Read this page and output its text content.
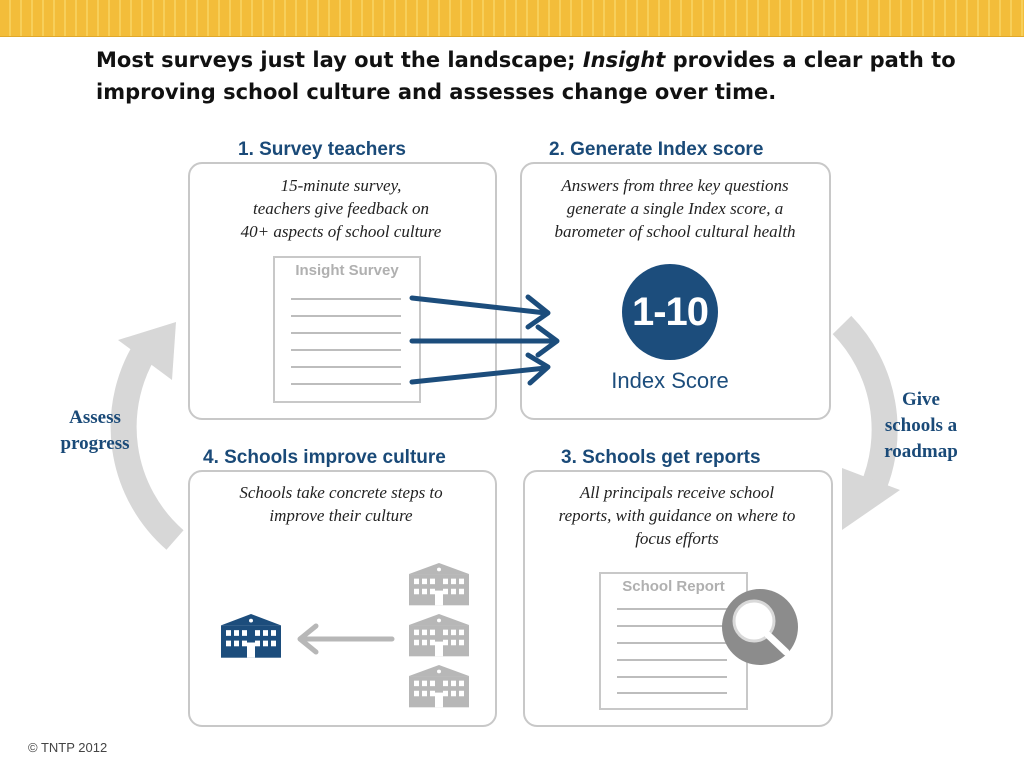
Most surveys just lay out the landscape; Insight provides a clear path to improving school culture and assesses change over time.
1. Survey teachers	2. Generate Index score
4. Schools improve culture	3. Schools get reports
15-minute survey,
teachers give feedback on
40+ aspects of school culture
Insight Survey
Answers from three key questions
generate a single Index score, a
barometer of school cultural health
1-10
Index Score
Schools take concrete steps to
improve their culture
All principals receive school
reports, with guidance on where to
focus efforts
School Report
Assess
progress
Give
schools a
roadmap
© TNTP 2012
